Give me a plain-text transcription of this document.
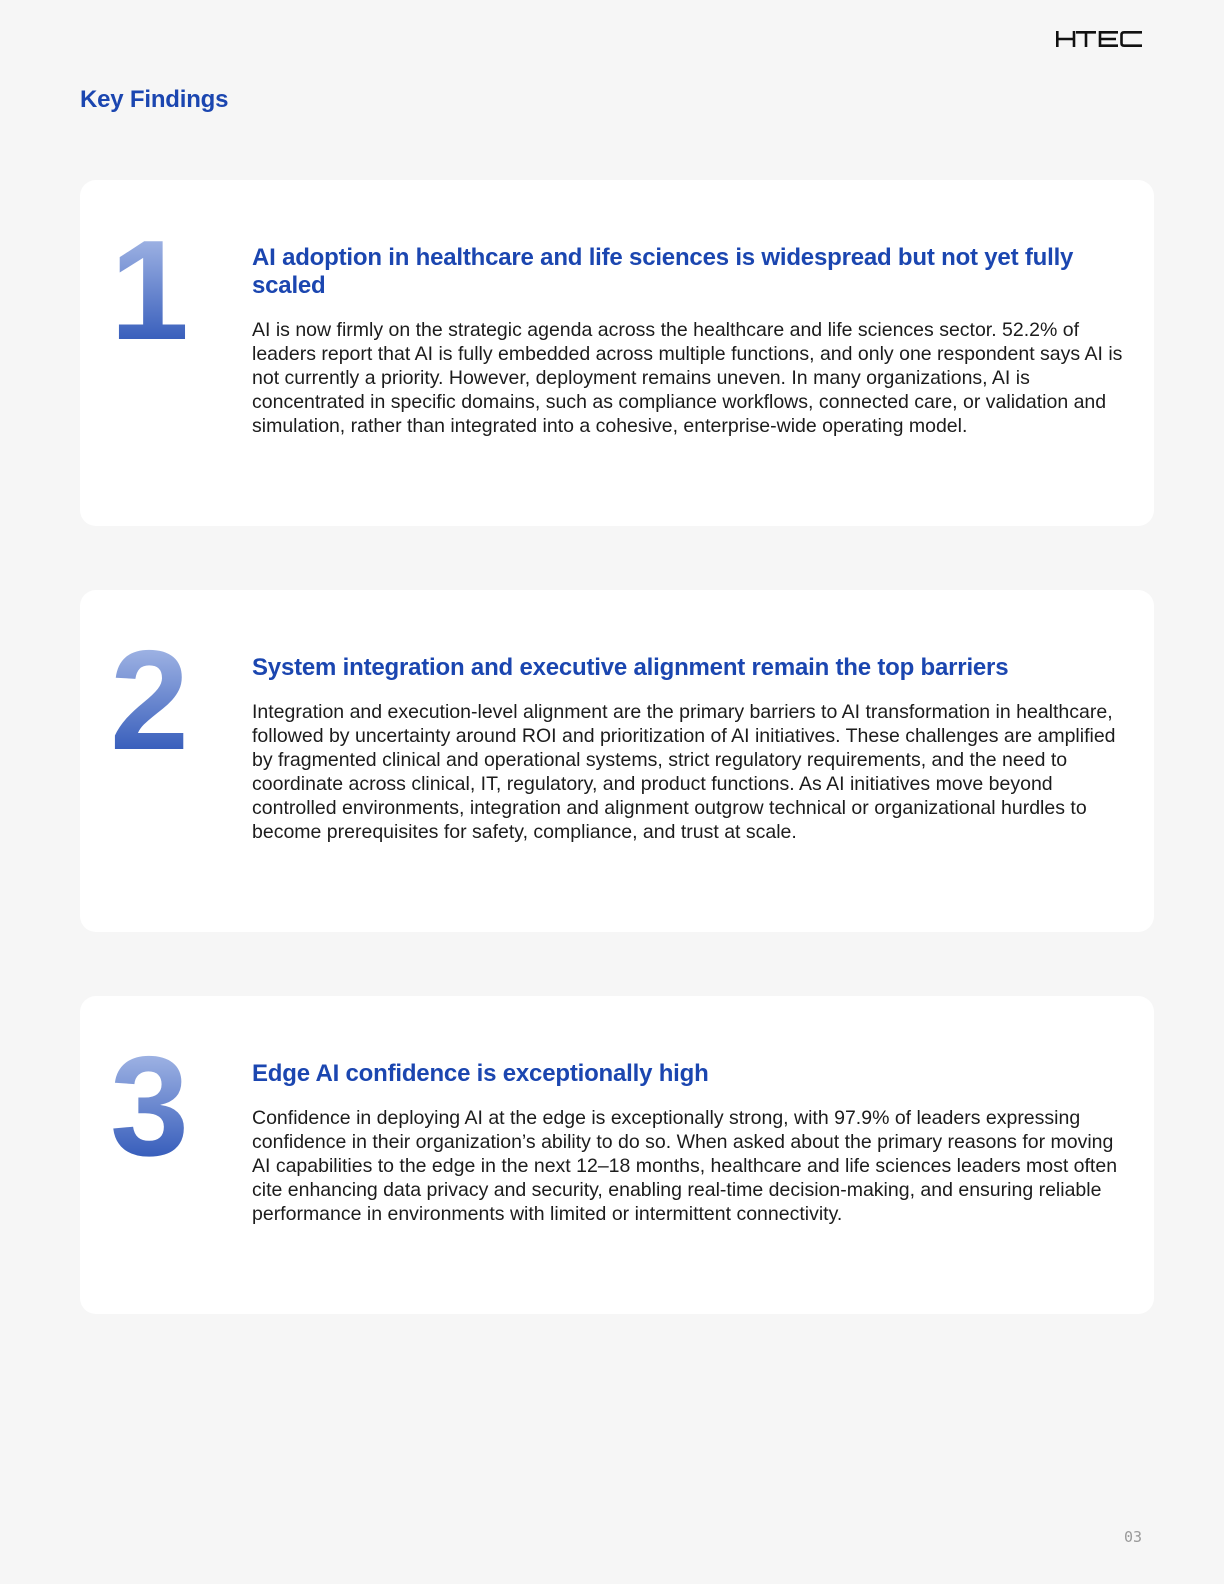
Key Findings
1	AI adoption in healthcare and life sciences is widespread but not yet fully scaled

AI is now firmly on the strategic agenda across the healthcare and life sciences sector. 52.2% of leaders report that AI is fully embedded across multiple functions, and only one respondent says AI is not currently a priority. However, deployment remains uneven. In many organizations, AI is concentrated in specific domains, such as compliance workflows, connected care, or validation and simulation, rather than integrated into a cohesive, enterprise-wide operating model.

2	System integration and executive alignment remain the top barriers

Integration and execution-level alignment are the primary barriers to AI transformation in healthcare, followed by uncertainty around ROI and prioritization of AI initiatives. These challenges are amplified by fragmented clinical and operational systems, strict regulatory requirements, and the need to coordinate across clinical, IT, regulatory, and product functions. As AI initiatives move beyond controlled environments, integration and alignment outgrow technical or organizational hurdles to become prerequisites for safety, compliance, and trust at scale.

3	Edge AI confidence is exceptionally high

Confidence in deploying AI at the edge is exceptionally strong, with 97.9% of leaders expressing confidence in their organization’s ability to do so. When asked about the primary reasons for moving AI capabilities to the edge in the next 12–18 months, healthcare and life sciences leaders most often cite enhancing data privacy and security, enabling real-time decision-making, and ensuring reliable performance in environments with limited or intermittent connectivity.

03
